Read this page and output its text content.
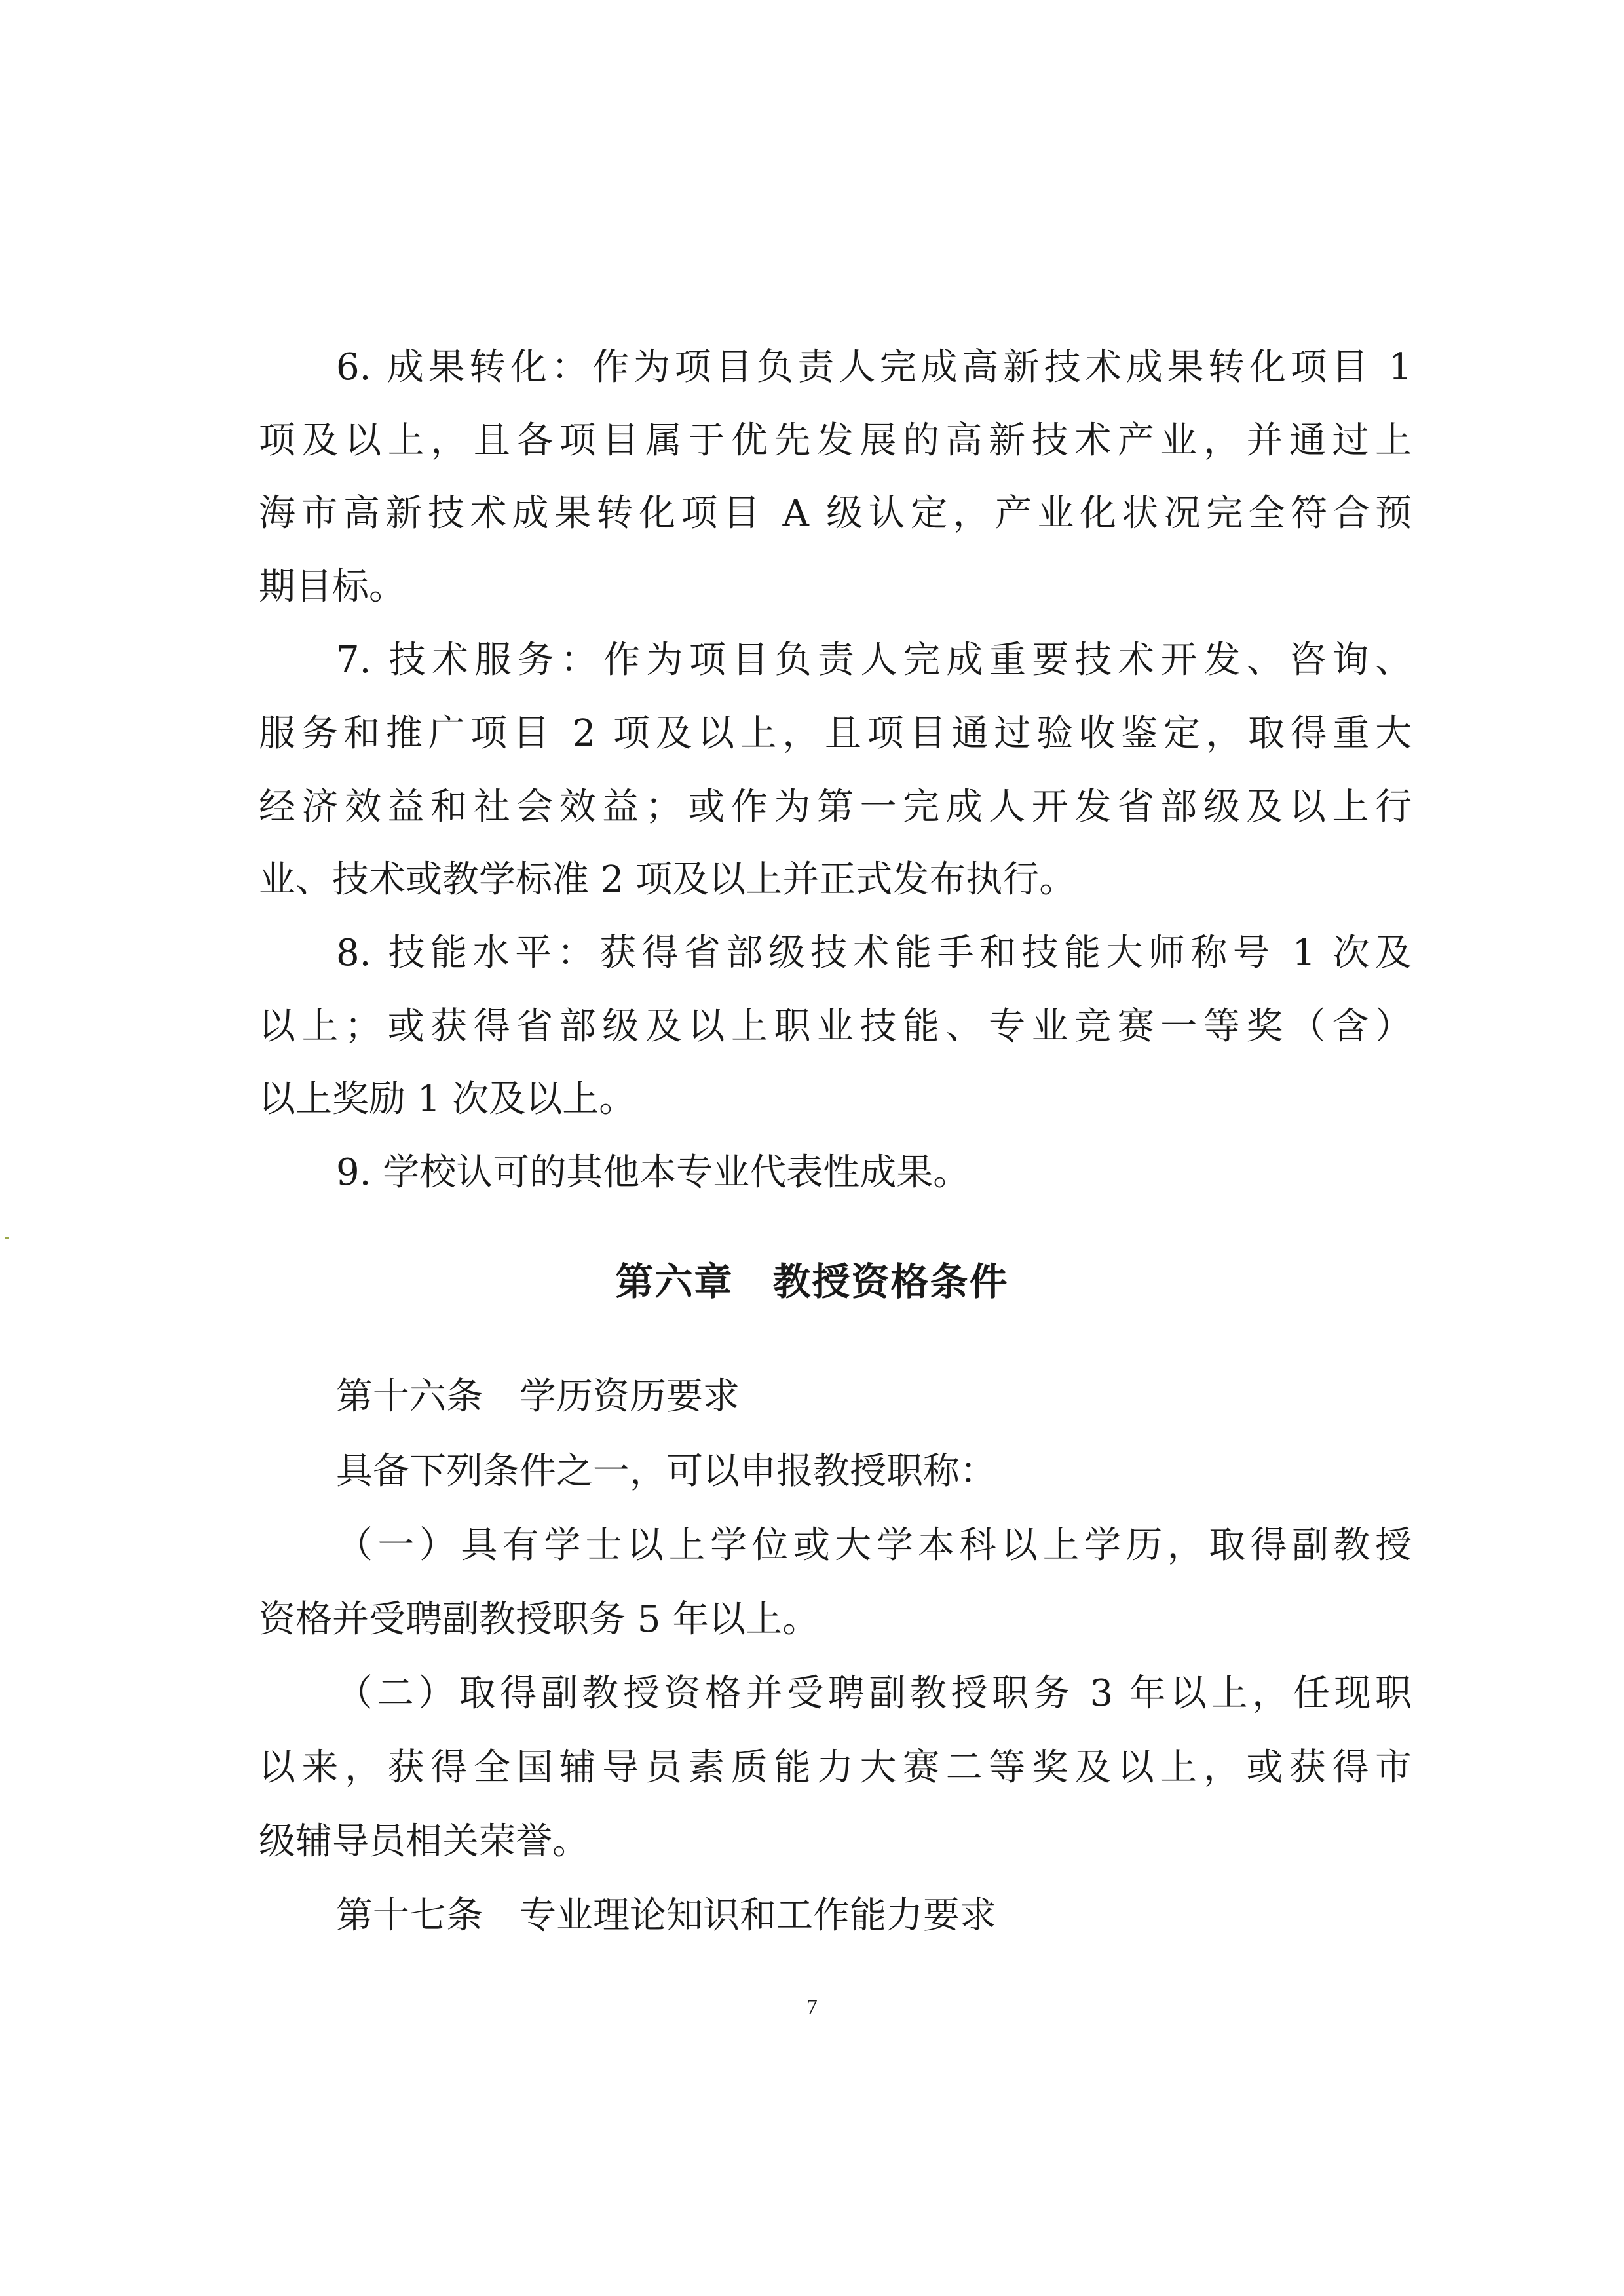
6. 成果转化：作为项目负责人完成高新技术成果转化项目 1
项及以上，且各项目属于优先发展的高新技术产业，并通过上
海市高新技术成果转化项目 A 级认定，产业化状况完全符合预
期目标。
7. 技术服务：作为项目负责人完成重要技术开发、咨询、
服务和推广项目 2 项及以上，且项目通过验收鉴定，取得重大
经济效益和社会效益；或作为第一完成人开发省部级及以上行
业、技术或教学标准 2 项及以上并正式发布执行。
8. 技能水平：获得省部级技术能手和技能大师称号 1 次及
以上；或获得省部级及以上职业技能、专业竞赛一等奖（含）
以上奖励 1 次及以上。
9. 学校认可的其他本专业代表性成果。
第六章　教授资格条件
第十六条　学历资历要求
具备下列条件之一，可以申报教授职称：
（一）具有学士以上学位或大学本科以上学历，取得副教授
资格并受聘副教授职务 5 年以上。
（二）取得副教授资格并受聘副教授职务 3 年以上，任现职
以来，获得全国辅导员素质能力大赛二等奖及以上，或获得市
级辅导员相关荣誉。
第十七条　专业理论知识和工作能力要求
7
